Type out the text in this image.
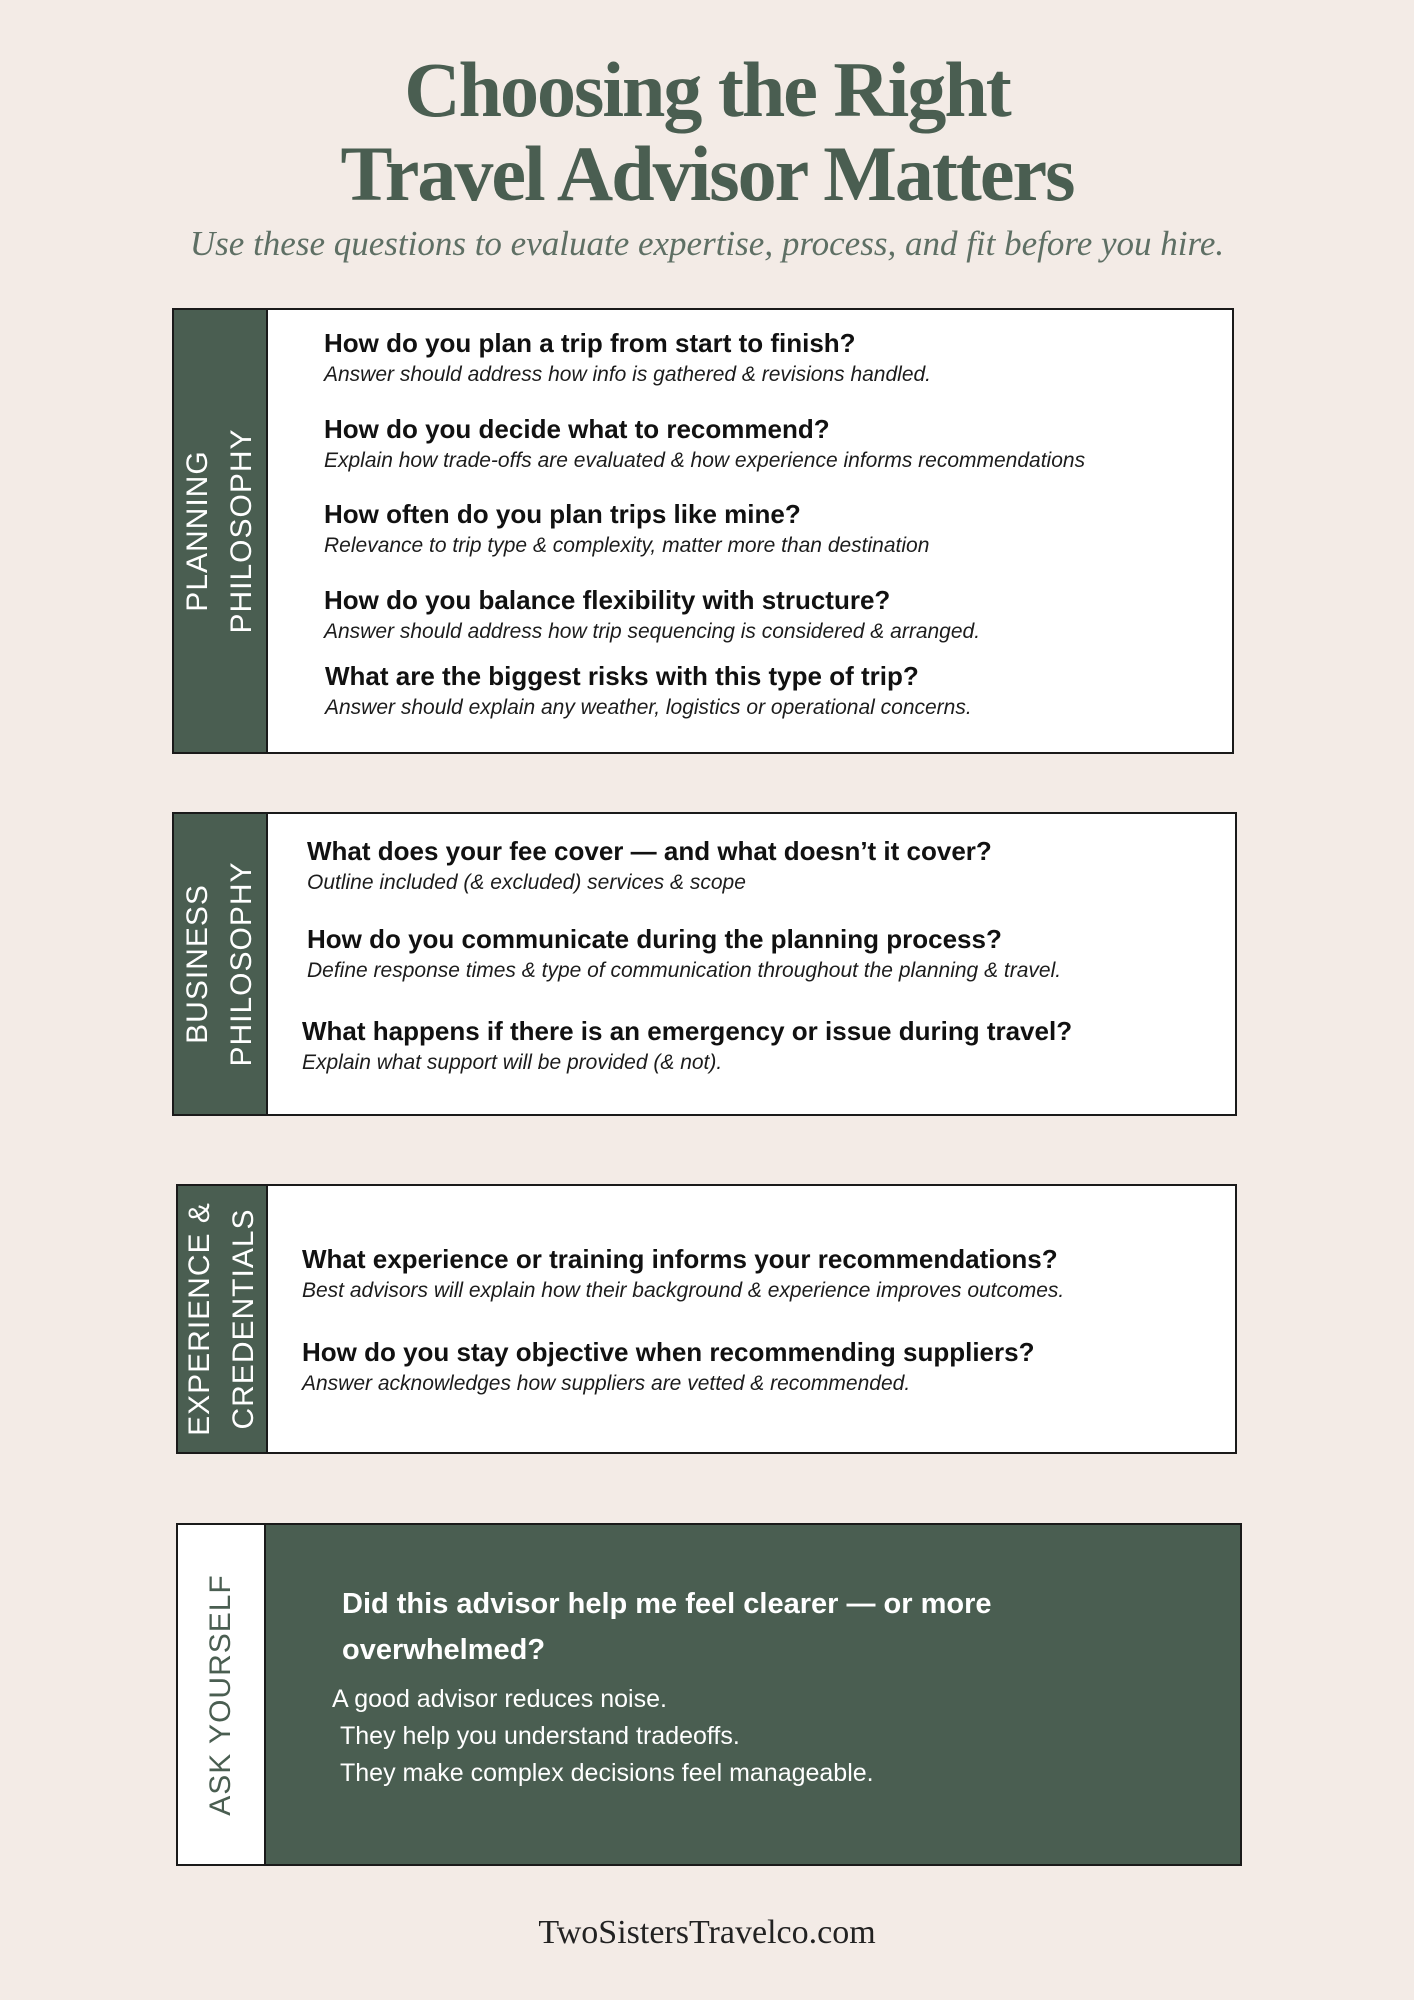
Choosing the Right
Travel Advisor Matters
Use these questions to evaluate expertise, process, and fit before you hire.
PLANNING PHILOSOPHY
How do you plan a trip from start to finish?
Answer should address how info is gathered & revisions handled.
How do you decide what to recommend?
Explain how trade-offs are evaluated & how experience informs recommendations
How often do you plan trips like mine?
Relevance to trip type & complexity, matter more than destination
How do you balance flexibility with structure?
Answer should address how trip sequencing is considered & arranged.
What are the biggest risks with this type of trip?
Answer should explain any weather, logistics or operational concerns.
BUSINESS PHILOSOPHY
What does your fee cover — and what doesn’t it cover?
Outline included (& excluded) services & scope
How do you communicate during the planning process?
Define response times & type of communication throughout the planning & travel.
What happens if there is an emergency or issue during travel?
Explain what support will be provided (& not).
EXPERIENCE & CREDENTIALS What experience or training informs your recommendations?
Best advisors will explain how their background & experience improves outcomes.
How do you stay objective when recommending suppliers?
Answer acknowledges how suppliers are vetted & recommended.
ASK YOURSELF	Did this advisor help me feel clearer — or more overwhelmed?
A good advisor reduces noise.
They help you understand tradeoffs.
They make complex decisions feel manageable.
TwoSistersTravelco.com
